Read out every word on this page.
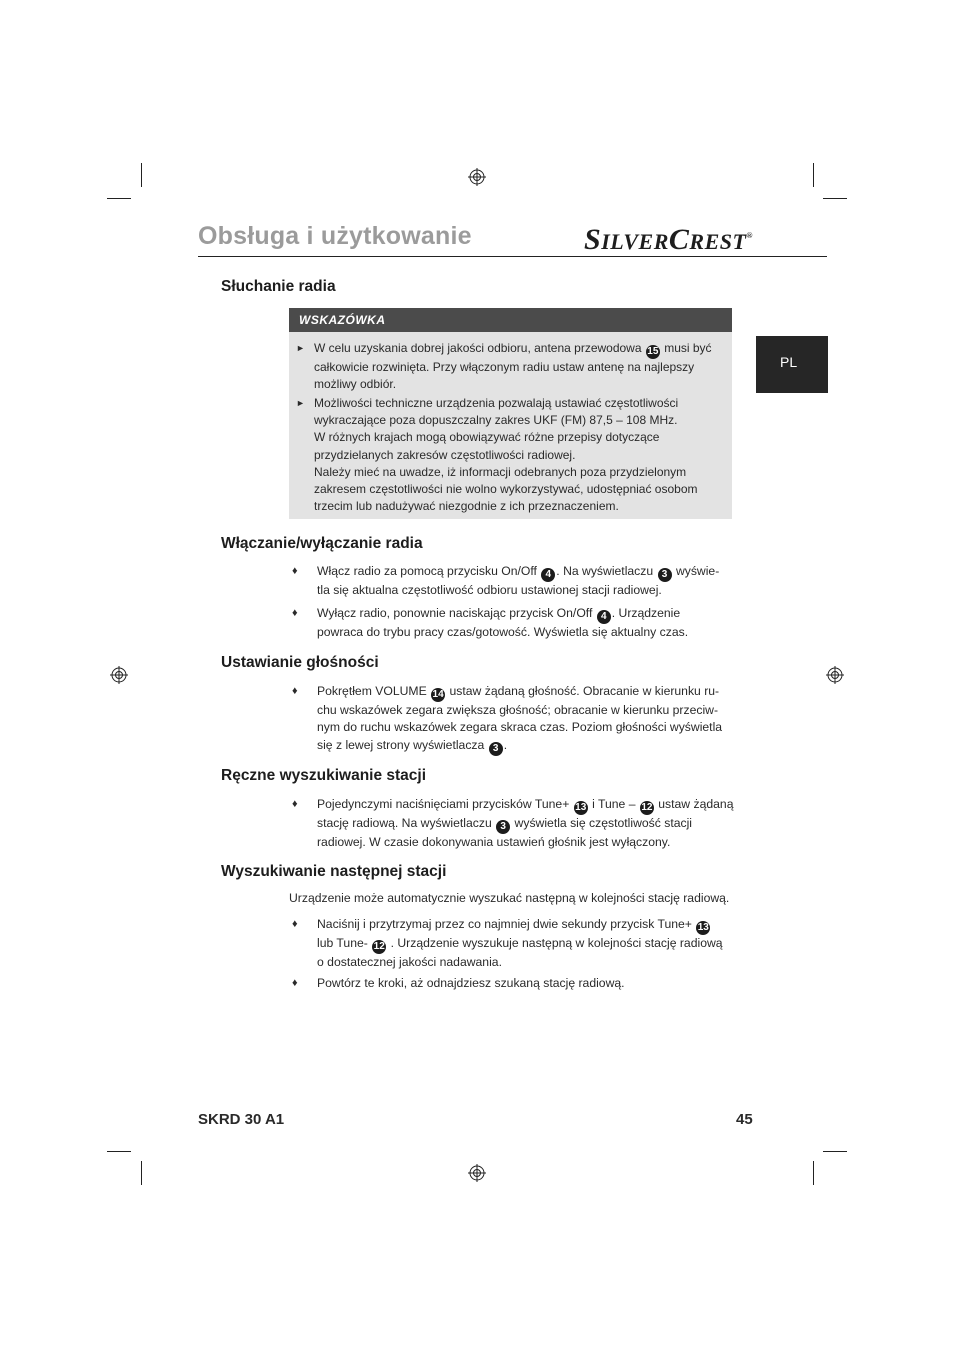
Obsługa i użytkowanie	SILVERCREST®
PL
Słuchanie radia
WSKAZÓWKA
► W celu uzyskania dobrej jakości odbioru, antena przewodowa 15 musi być
całkowicie rozwinięta. Przy włączonym radiu ustaw antenę na najlepszy
możliwy odbiór.
► Możliwości techniczne urządzenia pozwalają ustawiać częstotliwości
wykraczające poza dopuszczalny zakres UKF (FM) 87,5 – 108 MHz.
W różnych krajach mogą obowiązywać różne przepisy dotyczące
przydzielanych zakresów częstotliwości radiowej.
Należy mieć na uwadze, iż informacji odebranych poza przydzielonym
zakresem częstotliwości nie wolno wykorzystywać, udostępniać osobom
trzecim lub nadużywać niezgodnie z ich przeznaczeniem.
Włączanie/wyłączanie radia
♦ Włącz radio za pomocą przycisku On/Off 4 . Na wyświetlaczu 3 wyświe-
tla się aktualna częstotliwość odbioru ustawionej stacji radiowej.
♦ Wyłącz radio, ponownie naciskając przycisk On/Off 4 . Urządzenie
powraca do trybu pracy czas/gotowość. Wyświetla się aktualny czas.
Ustawianie głośności
♦ Pokrętłem VOLUME 14 ustaw żądaną głośność. Obracanie w kierunku ru-
chu wskazówek zegara zwiększa głośność; obracanie w kierunku przeciw-
nym do ruchu wskazówek zegara skraca czas. Poziom głośności wyświetla
się z lewej strony wyświetlacza 3 .
Ręczne wyszukiwanie stacji
♦ Pojedynczymi naciśnięciami przycisków Tune+ 13 i Tune – 12 ustaw żądaną
stację radiową. Na wyświetlaczu 3 wyświetla się częstotliwość stacji
radiowej. W czasie dokonywania ustawień głośnik jest wyłączony.
Wyszukiwanie następnej stacji
Urządzenie może automatycznie wyszukać następną w kolejności stację radiową.
♦ Naciśnij i przytrzymaj przez co najmniej dwie sekundy przycisk Tune+ 13
lub Tune- 12 . Urządzenie wyszukuje następną w kolejności stację radiową
o dostatecznej jakości nadawania.
♦ Powtórz te kroki, aż odnajdziesz szukaną stację radiową.
SKRD 30 A1	45
